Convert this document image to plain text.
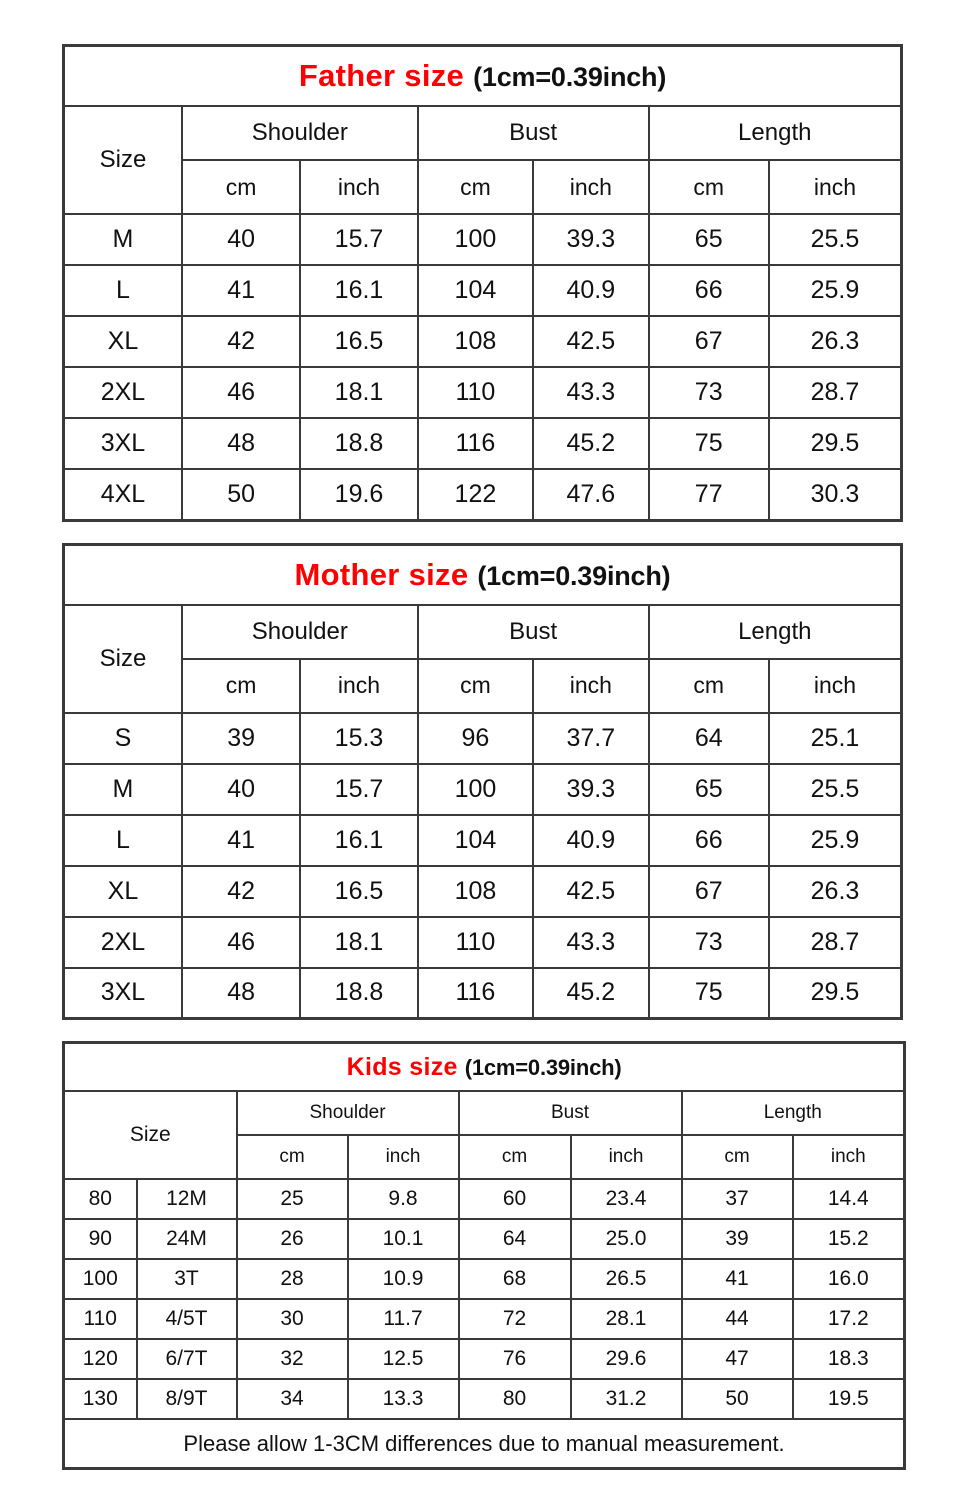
Father size (1cm=0.39inch)						
Size	Shoulder		Bust		Length	
	cm	inch	cm	inch	cm	inch
M	40	15.7	100	39.3	65	25.5
L	41	16.1	104	40.9	66	25.9
XL	42	16.5	108	42.5	67	26.3
2XL	46	18.1	110	43.3	73	28.7
3XL	48	18.8	116	45.2	75	29.5
4XL	50	19.6	122	47.6	77	30.3
Mother size (1cm=0.39inch)						
Size	Shoulder		Bust		Length	
	cm	inch	cm	inch	cm	inch
S	39	15.3	96	37.7	64	25.1
M	40	15.7	100	39.3	65	25.5
L	41	16.1	104	40.9	66	25.9
XL	42	16.5	108	42.5	67	26.3
2XL	46	18.1	110	43.3	73	28.7
3XL	48	18.8	116	45.2	75	29.5
Kids size (1cm=0.39inch)							
Size		Shoulder		Bust		Length	
		cm	inch	cm	inch	cm	inch
80	12M	25	9.8	60	23.4	37	14.4
90	24M	26	10.1	64	25.0	39	15.2
100	3T	28	10.9	68	26.5	41	16.0
110	4/5T	30	11.7	72	28.1	44	17.2
120	6/7T	32	12.5	76	29.6	47	18.3
130	8/9T	34	13.3	80	31.2	50	19.5
Please allow 1-3CM differences due to manual measurement.							
